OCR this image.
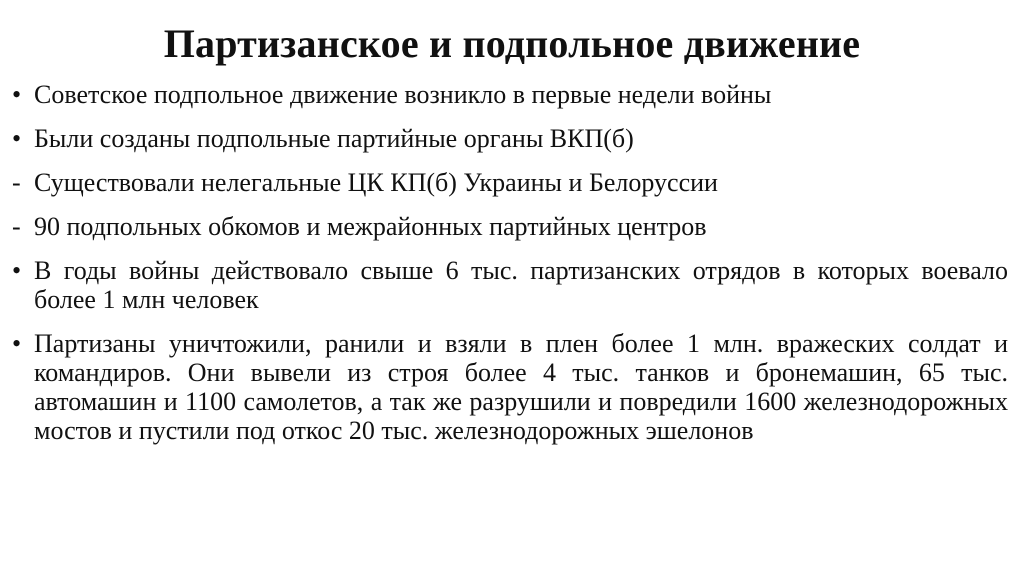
Партизанское и подпольное движение
• Советское подпольное движение возникло в первые недели войны
• Были созданы подпольные партийные органы ВКП(б)
- Существовали нелегальные ЦК КП(б) Украины и Белоруссии
- 90 подпольных обкомов и межрайонных партийных центров
• В годы войны действовало свыше 6 тыс. партизанских отрядов в которых воевало более 1 млн человек
• Партизаны уничтожили, ранили и взяли в плен более 1 млн. вражеских солдат и командиров. Они вывели из строя более 4 тыс. танков и бронемашин, 65 тыс. автомашин и 1100 самолетов, а так же разрушили и повредили 1600 железнодорожных мостов и пустили под откос 20 тыс. железнодорожных эшелонов
